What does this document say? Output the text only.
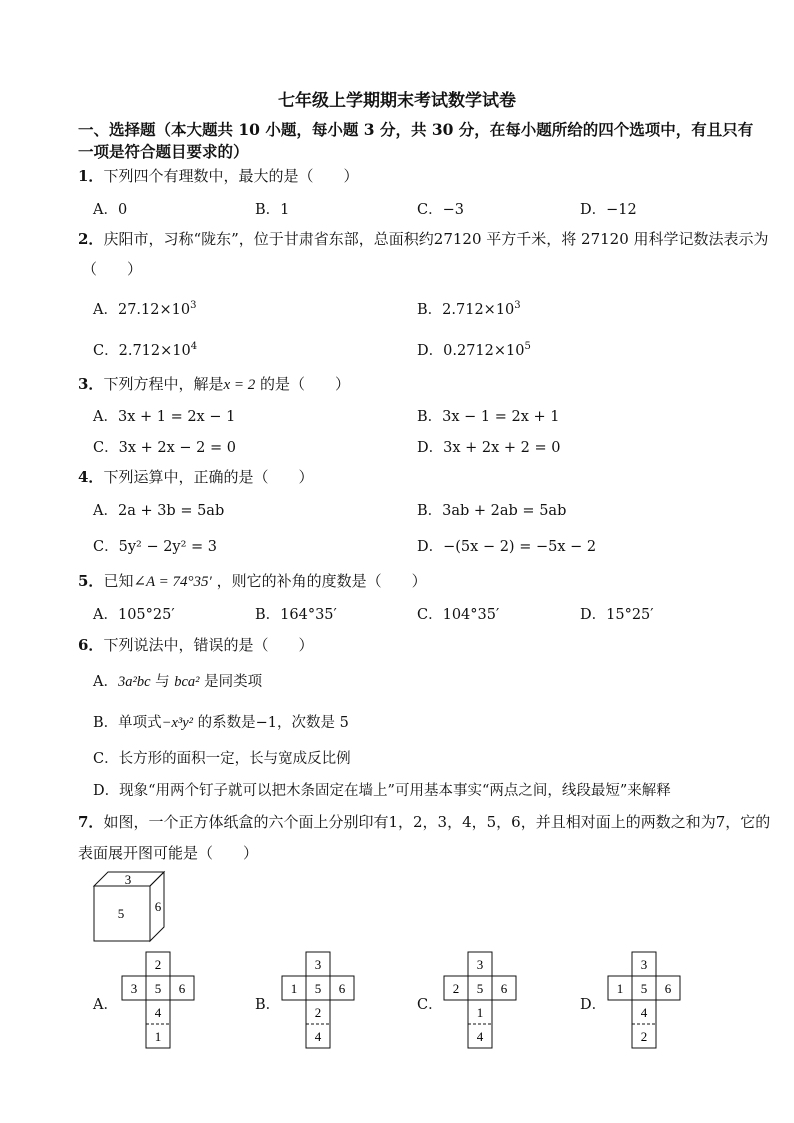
七年级上学期期末考试数学试卷
一、选择题（本大题共 10 小题，每小题 3 分，共 30 分，在每小题所给的四个选项中，有且只有
一项是符合题目要求的）
1．下列四个有理数中，最大的是（　　）
A．0	B．1	C．−3	D．−12
2．庆阳市，习称“陇东”，位于甘肃省东部，总面积约27120 平方千米，将 27120 用科学记数法表示为
（　　）
A．$27.12\times 10^3$	B．$2.712\times 10^3$
C．$2.712\times 10^4$	D．$0.2712\times 10^5$
3．下列方程中，解是x = 2 的是（　　）
A．3x + 1 = 2x − 1	B．3x − 1 = 2x + 1
C．3x + 2x − 2 = 0	D．3x + 2x + 2 = 0
4．下列运算中，正确的是（　　）
A．2a + 3b = 5ab	B．3ab + 2ab = 5ab
C．5y² − 2y² = 3	D．−(5x − 2) = −5x − 2
5．已知∠A = 74°35′ ，则它的补角的度数是（　　）
A．105°25′	B．164°35′	C．104°35′	D．15°25′
6．下列说法中，错误的是（　　）
A．3a²bc 与 bca² 是同类项
B．单项式−x³y² 的系数是−1，次数是 5
C．长方形的面积一定，长与宽成反比例
D．现象“用两个钉子就可以把木条固定在墙上”可用基本事实“两点之间，线段最短”来解释
7．如图，一个正方体纸盒的六个面上分别印有1，2，3，4，5，6，并且相对面上的两数之和为7，它的
表面展开图可能是（　　）
3
5 6
A．
2
3 5 6
4
1
B．
3
1 5 6
2
4
C．
3
2 5 6
1
4
D．
3
1 5 6
4
2
